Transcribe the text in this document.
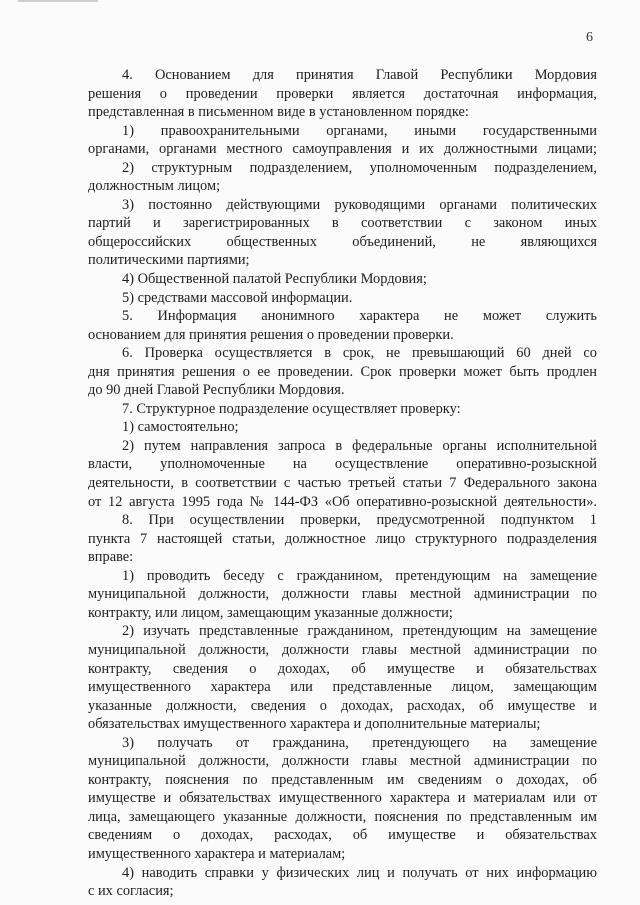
6
4. Основанием для принятия Главой Республики Мордовия
решения о проведении проверки является достаточная информация,
представленная в письменном виде в установленном порядке:
1) правоохранительными органами, иными государственными
органами, органами местного самоуправления и их должностными лицами;
2) структурным подразделением, уполномоченным подразделением,
должностным лицом;
3) постоянно действующими руководящими органами политических
партий и зарегистрированных в соответствии с законом иных
общероссийских общественных объединений, не являющихся
политическими партиями;
4) Общественной палатой Республики Мордовия;
5) средствами массовой информации.
5. Информация анонимного характера не может служить
основанием для принятия решения о проведении проверки.
6. Проверка осуществляется в срок, не превышающий 60 дней со
дня принятия решения о ее проведении. Срок проверки может быть продлен
до 90 дней Главой Республики Мордовия.
7. Структурное подразделение осуществляет проверку:
1) самостоятельно;
2) путем направления запроса в федеральные органы исполнительной
власти, уполномоченные на осуществление оперативно-розыскной
деятельности, в соответствии с частью третьей статьи 7 Федерального закона
от 12 августа 1995 года № 144-ФЗ «Об оперативно-розыскной деятельности».
8. При осуществлении проверки, предусмотренной подпунктом 1
пункта 7 настоящей статьи, должностное лицо структурного подразделения
вправе:
1) проводить беседу с гражданином, претендующим на замещение
муниципальной должности, должности главы местной администрации по
контракту, или лицом, замещающим указанные должности;
2) изучать представленные гражданином, претендующим на замещение
муниципальной должности, должности главы местной администрации по
контракту, сведения о доходах, об имуществе и обязательствах
имущественного характера или представленные лицом, замещающим
указанные должности, сведения о доходах, расходах, об имуществе и
обязательствах имущественного характера и дополнительные материалы;
3) получать от гражданина, претендующего на замещение
муниципальной должности, должности главы местной администрации по
контракту, пояснения по представленным им сведениям о доходах, об
имуществе и обязательствах имущественного характера и материалам или от
лица, замещающего указанные должности, пояснения по представленным им
сведениям о доходах, расходах, об имуществе и обязательствах
имущественного характера и материалам;
4) наводить справки у физических лиц и получать от них информацию
с их согласия;
